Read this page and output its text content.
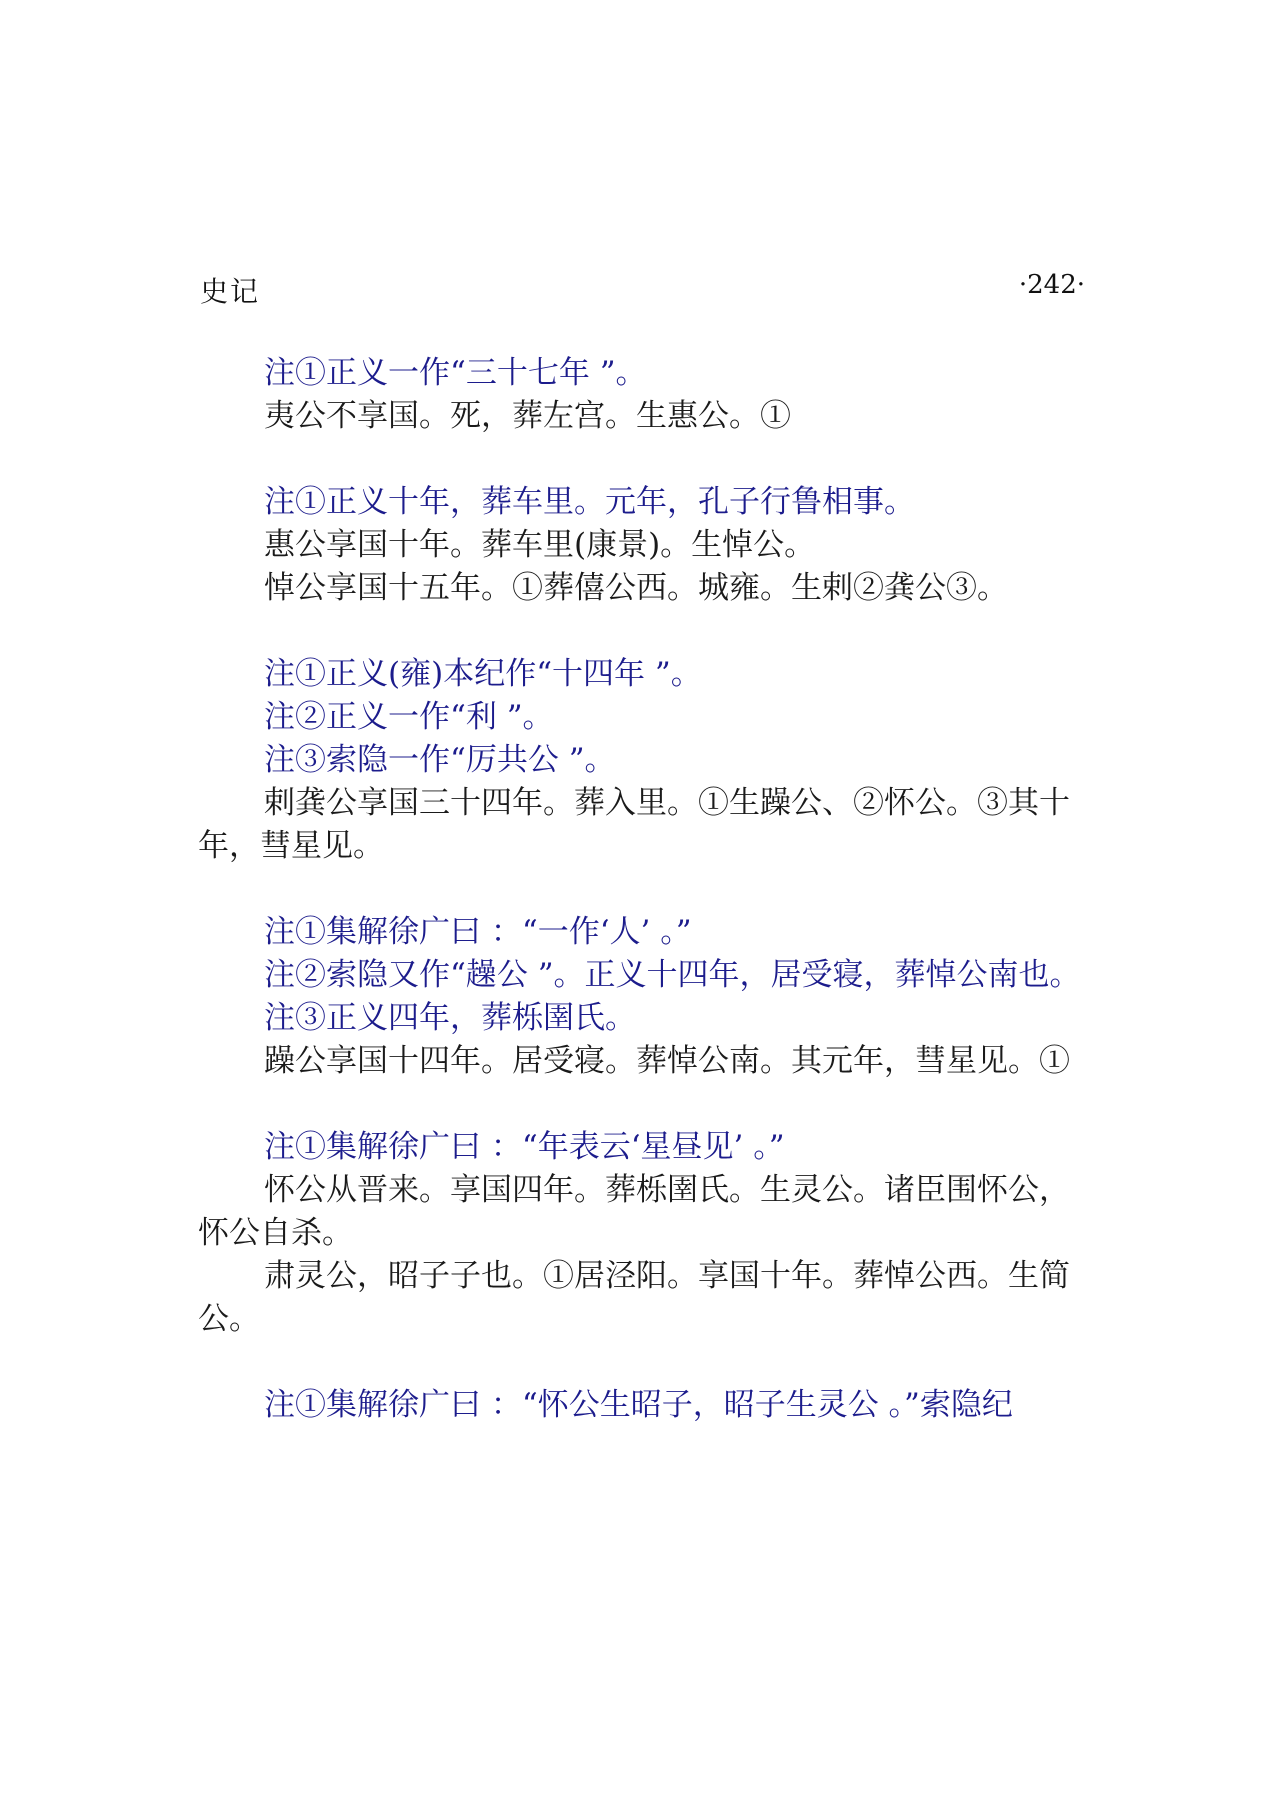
史记	·242·

注①正义一作“三十七年 ”。

夷公不享国。死，葬左宫。生惠公。①

注①正义十年，葬车里。元年，孔子行鲁相事。

惠公享国十年。葬车里(康景)。生悼公。

悼公享国十五年。①葬僖公西。城雍。生剌②龚公③。

注①正义(雍)本纪作“十四年 ”。

注②正义一作“利 ”。

注③索隐一作“厉共公 ”。

剌龚公享国三十四年。葬入里。①生躁公、②怀公。③其十年，彗星见。

注①集解徐广曰 ：“一作‘人’ 。”

注②索隐又作“趮公 ”。正义十四年，居受寝，葬悼公南也。

注③正义四年，葬栎圉氏。

躁公享国十四年。居受寝。葬悼公南。其元年，彗星见。①

注①集解徐广曰 ：“年表云‘星昼见’ 。”

怀公从晋来。享国四年。葬栎圉氏。生灵公。诸臣围怀公，怀公自杀。

肃灵公，昭子子也。①居泾阳。享国十年。葬悼公西。生简公。

注①集解徐广曰 ：“怀公生昭子，昭子生灵公 。”索隐纪
